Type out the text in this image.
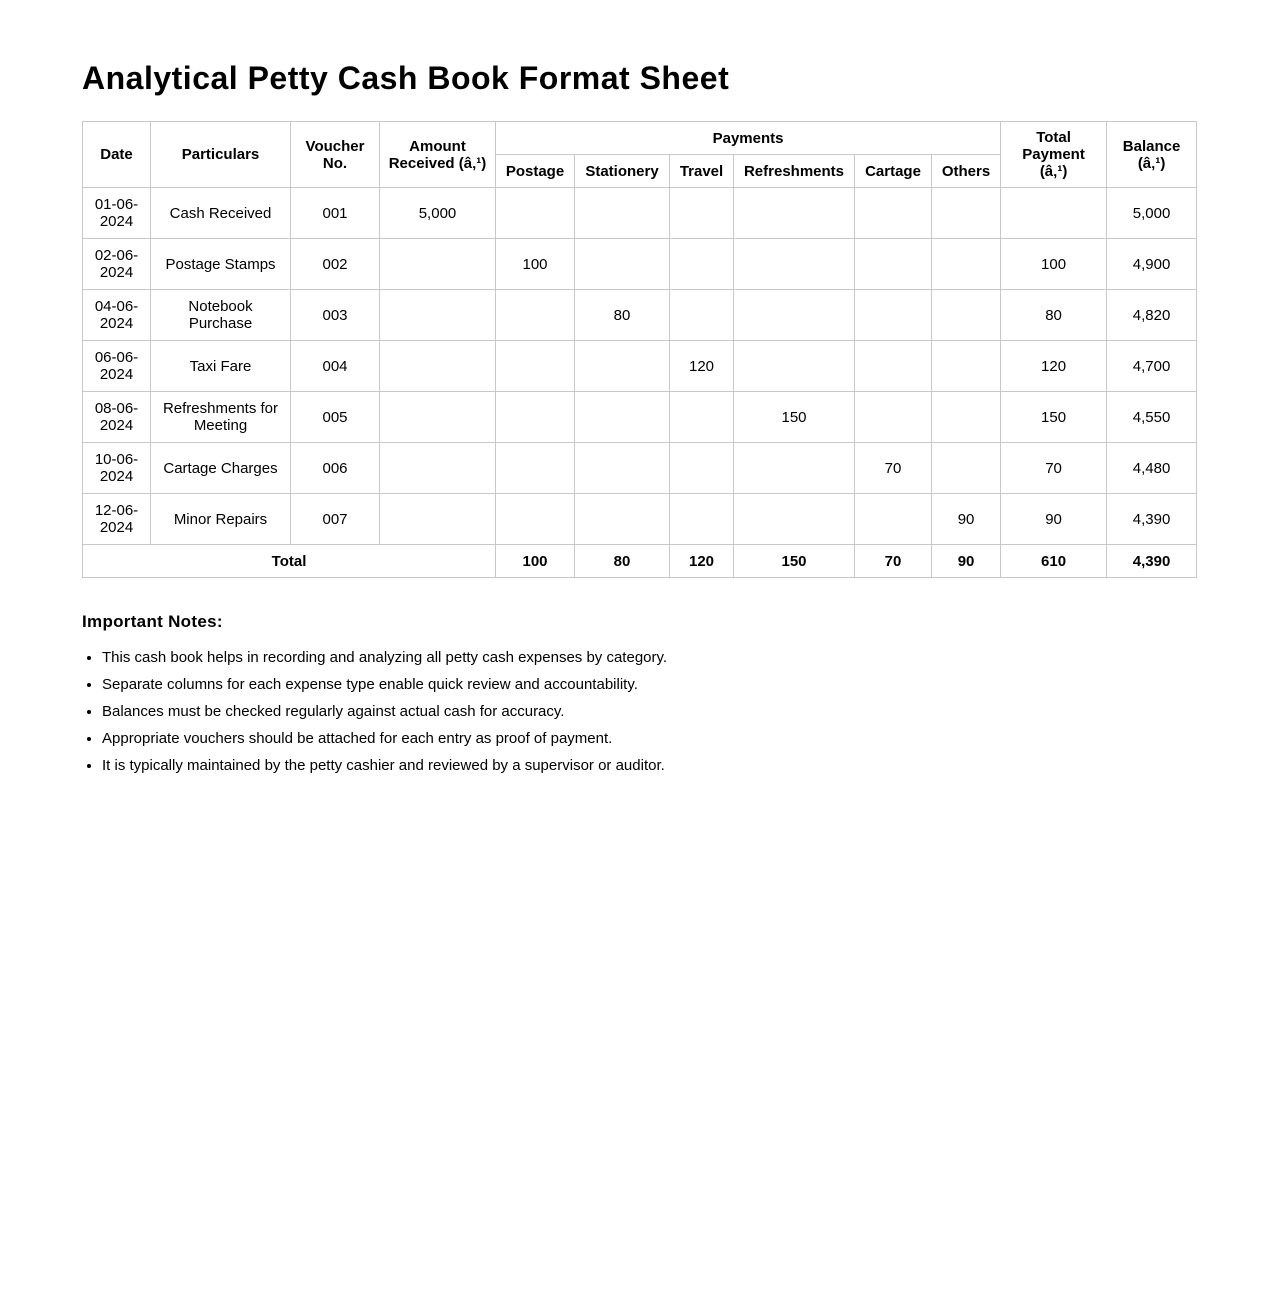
Analytical Petty Cash Book Format Sheet
Date	Particulars	Voucher No.	Amount Received (â‚¹)	Payments						Total Payment (â‚¹)	Balance (â‚¹)
				Postage	Stationery	Travel	Refreshments	Cartage	Others		
01-06-2024	Cash Received	001	5,000								5,000
02-06-2024	Postage Stamps	002		100						100	4,900
04-06-2024	Notebook Purchase	003			80					80	4,820
06-06-2024	Taxi Fare	004				120				120	4,700
08-06-2024	Refreshments for Meeting	005					150			150	4,550
10-06-2024	Cartage Charges	006						70		70	4,480
12-06-2024	Minor Repairs	007							90	90	4,390
Total				100	80	120	150	70	90	610	4,390
Important Notes:
• This cash book helps in recording and analyzing all petty cash expenses by category.
• Separate columns for each expense type enable quick review and accountability.
• Balances must be checked regularly against actual cash for accuracy.
• Appropriate vouchers should be attached for each entry as proof of payment.
• It is typically maintained by the petty cashier and reviewed by a supervisor or auditor.
